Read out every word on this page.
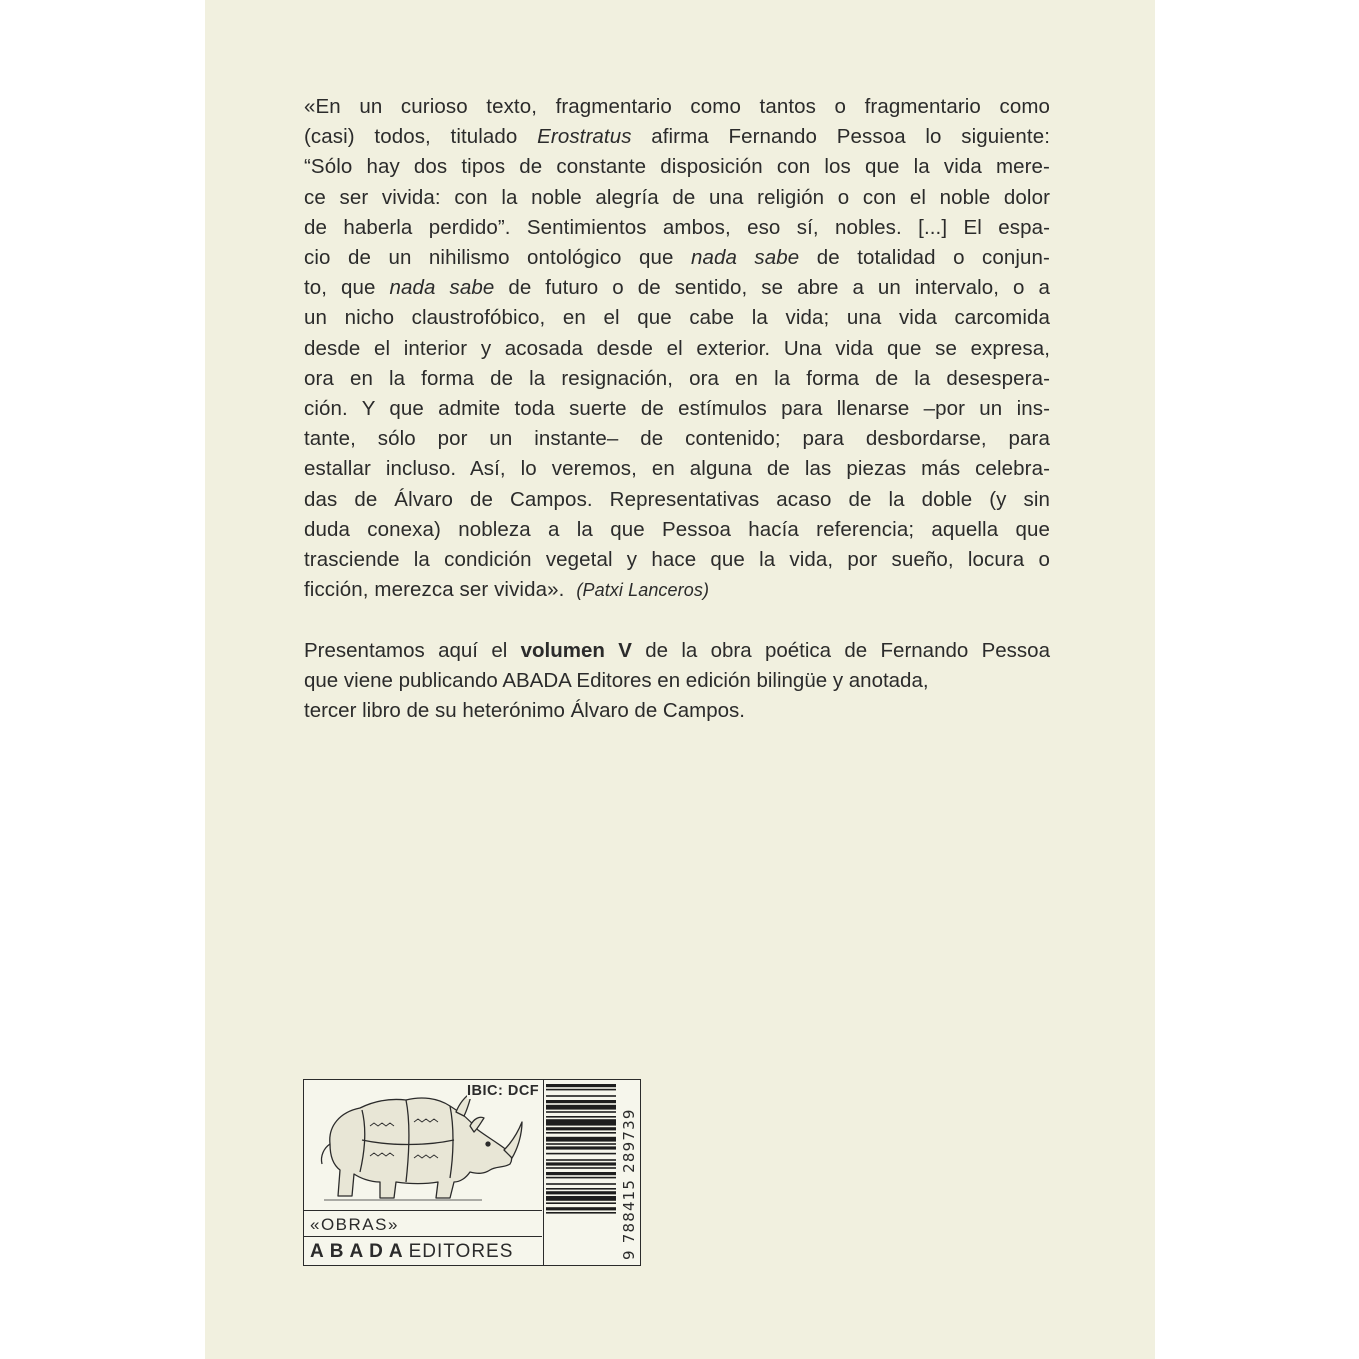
«En un curioso texto, fragmentario como tantos o fragmentario como
(casi) todos, titulado Erostratus afirma Fernando Pessoa lo siguiente:
“Sólo hay dos tipos de constante disposición con los que la vida mere-
ce ser vivida: con la noble alegría de una religión o con el noble dolor
de haberla perdido”. Sentimientos ambos, eso sí, nobles. [...] El espa-
cio de un nihilismo ontológico que nada sabe de totalidad o conjun-
to, que nada sabe de futuro o de sentido, se abre a un intervalo, o a
un nicho claustrofóbico, en el que cabe la vida; una vida carcomida
desde el interior y acosada desde el exterior. Una vida que se expresa,
ora en la forma de la resignación, ora en la forma de la desespera-
ción. Y que admite toda suerte de estímulos para llenarse –por un ins-
tante, sólo por un instante– de contenido; para desbordarse, para
estallar incluso. Así, lo veremos, en alguna de las piezas más celebra-
das de Álvaro de Campos. Representativas acaso de la doble (y sin
duda conexa) nobleza a la que Pessoa hacía referencia; aquella que
trasciende la condición vegetal y hace que la vida, por sueño, locura o
ficción, merezca ser vivida». (Patxi Lanceros)
Presentamos aquí el volumen V de la obra poética de Fernando Pessoa
que viene publicando ABADA Editores en edición bilingüe y anotada,
tercer libro de su heterónimo Álvaro de Campos.
IBIC: DCF
«OBRAS»
ABADAEDITORES	9 788415 289739
